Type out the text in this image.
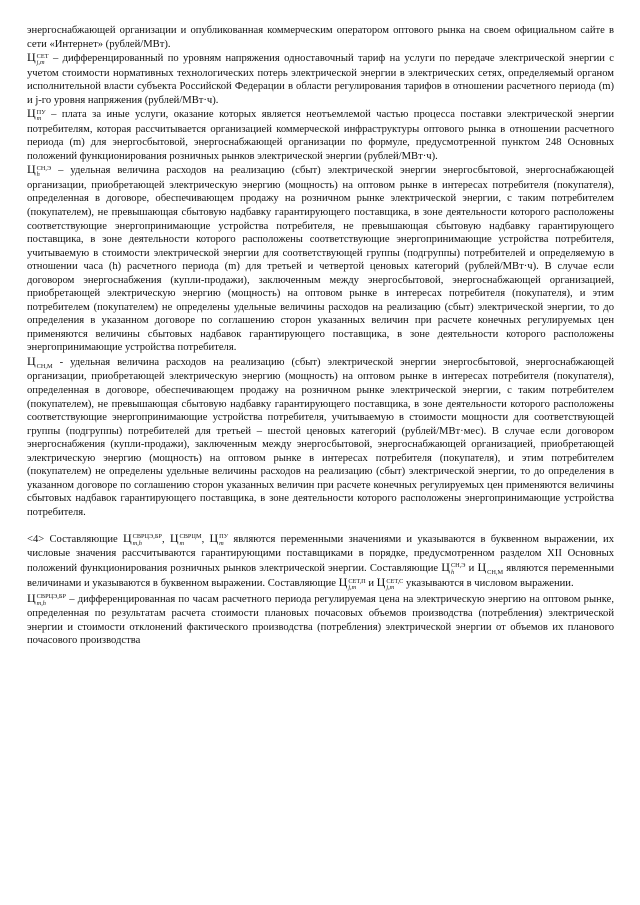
энергоснабжающей организации и опубликованная коммерческим оператором оптового рынка на своем официальном сайте в сети «Интернет» (рублей/МВт).

Ц СЕТ
j,m – дифференцированный по уровням напряжения одноставочный тариф на услуги по передаче электрической энергии с учетом стоимости нормативных технологических потерь электрической энергии в электрических сетях, определяемый органом исполнительной власти субъекта Российской Федерации в области регулирования тарифов в отношении расчетного периода (m) и j-го уровня напряжения (рублей/МВт·ч).

Ц ПУ
m – плата за иные услуги, оказание которых является неотъемлемой частью процесса поставки электрической энергии потребителям, которая рассчитывается организацией коммерческой инфраструктуры оптового рынка в отношении расчетного периода (m) для энергосбытовой, энергоснабжающей организации по формуле, предусмотренной пунктом 248 Основных положений функционирования розничных рынков электрической энергии (рублей/МВт·ч).

Ц СН,Э
h	– удельная величина расходов на реализацию (сбыт) электрической энергии энергосбытовой, энергоснабжающей организации, приобретающей электрическую энергию (мощность) на оптовом рынке в интересах потребителя (покупателя), определенная в договоре, обеспечивающем продажу на розничном рынке электрической энергии, с таким потребителем (покупателем), не превышающая сбытовую надбавку гарантирующего поставщика, в зоне деятельности которого расположены соответствующие энергопринимающие устройства потребителя, не превышающая сбытовую надбавку гарантирующего поставщика, в зоне деятельности которого расположены соответствующие энергопринимающие устройства потребителя, учитываемую в стоимости электрической энергии для соответствующей группы (подгруппы) потребителей и определяемую в отношении часа (h) расчетного периода (m) для третьей и четвертой ценовых категорий (рублей/МВт·ч). В случае если договором энергоснабжения (купли-продажи), заключенным между энергосбытовой, энергоснабжающей организацией, приобретающей электрическую энергию (мощность) на оптовом рынке в интересах потребителя (покупателя), и этим потребителем (покупателем) не определены удельные величины расходов на реализацию (сбыт) электрической энергии, то до определения в указанном договоре по соглашению сторон указанных величин при расчете конечных регулируемых цен применяются величины сбытовых надбавок гарантирующего поставщика, в зоне деятельности которого расположены энергопринимающие устройства потребителя.

Ц СН,М - удельная величина расходов на реализацию (сбыт) электрической энергии энергосбытовой, энергоснабжающей организации, приобретающей электрическую энергию (мощность) на оптовом рынке в интересах потребителя (покупателя), определенная в договоре, обеспечивающем продажу на розничном рынке электрической энергии, с таким потребителем (покупателем), не превышающая сбытовую надбавку гарантирующего поставщика, в зоне деятельности которого расположены соответствующие энергопринимающие устройства потребителя, учитываемую в стоимости мощности для соответствующей группы (подгруппы) потребителей для третьей – шестой ценовых категорий (рублей/МВт·мес). В случае если договором энергоснабжения (купли-продажи), заключенным между энергосбытовой, энергоснабжающей организацией, приобретающей электрическую энергию (мощность) на оптовом рынке в интересах потребителя (покупателя), и этим потребителем (покупателем) не определены удельные величины расходов на реализацию (сбыт) электрической энергии, то до определения в указанном договоре по соглашению сторон указанных величин при расчете конечных регулируемых цен применяются величины сбытовых надбавок гарантирующего поставщика, в зоне деятельности которого расположены энергопринимающие устройства потребителя.

<4> Составляющие Ц СВРЦЭ,БР
m,h	, Ц СВРЦМ
m	, Ц ПУ
m являются переменными значениями и указываются в буквенном выражении, их числовые значения рассчитываются гарантирующими поставщиками в порядке, предусмотренном разделом XII Основных положений функционирования розничных рынков электрической энергии. Составляющие Ц СН,Э
h	и Ц СН,М являются переменными величинами и указываются в буквенном выражении. Составляющие Ц СЕТ,П
j,m и Ц СЕТ,С
j,m указываются в числовом выражении.

Ц СВРЦЭ,БР
m,h	– дифференцированная по часам расчетного периода регулируемая цена на электрическую энергию на оптовом рынке, определенная по результатам расчета стоимости плановых почасовых объемов производства (потребления) электрической энергии и стоимости отклонений фактического производства (потребления) электрической энергии от объемов их планового почасового производства
